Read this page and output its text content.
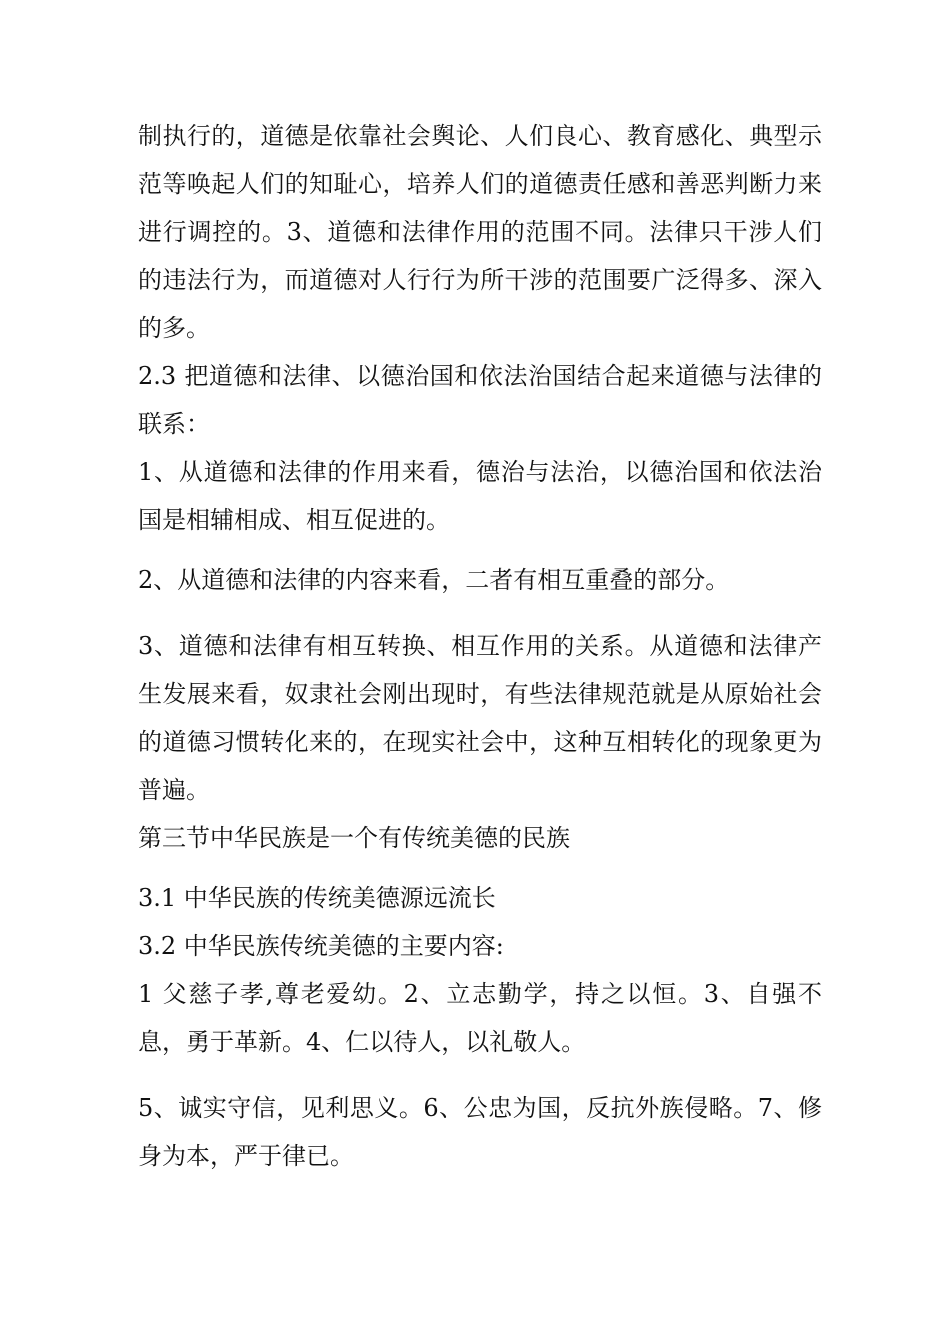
制执行的，道德是依靠社会舆论、人们良心、教育感化、典型示范等唤起人们的知耻心，培养人们的道德责任感和善恶判断力来进行调控的。3、道德和法律作用的范围不同。法律只干涉人们的违法行为，而道德对人行行为所干涉的范围要广泛得多、深入的多。

2.3 把道德和法律、以德治国和依法治国结合起来道德与法律的联系：

1、从道德和法律的作用来看，德治与法治，以德治国和依法治国是相辅相成、相互促进的。

2、从道德和法律的内容来看，二者有相互重叠的部分。

3、道德和法律有相互转换、相互作用的关系。从道德和法律产生发展来看，奴隶社会刚出现时，有些法律规范就是从原始社会的道德习惯转化来的，在现实社会中，这种互相转化的现象更为普遍。

第三节中华民族是一个有传统美德的民族

3.1 中华民族的传统美德源远流长

3.2 中华民族传统美德的主要内容:

1 父慈子孝,尊老爱幼。2、立志勤学，持之以恒。3、自强不息，勇于革新。4、仁以待人，以礼敬人。

5、诚实守信，见利思义。6、公忠为国，反抗外族侵略。7、修身为本，严于律已。
